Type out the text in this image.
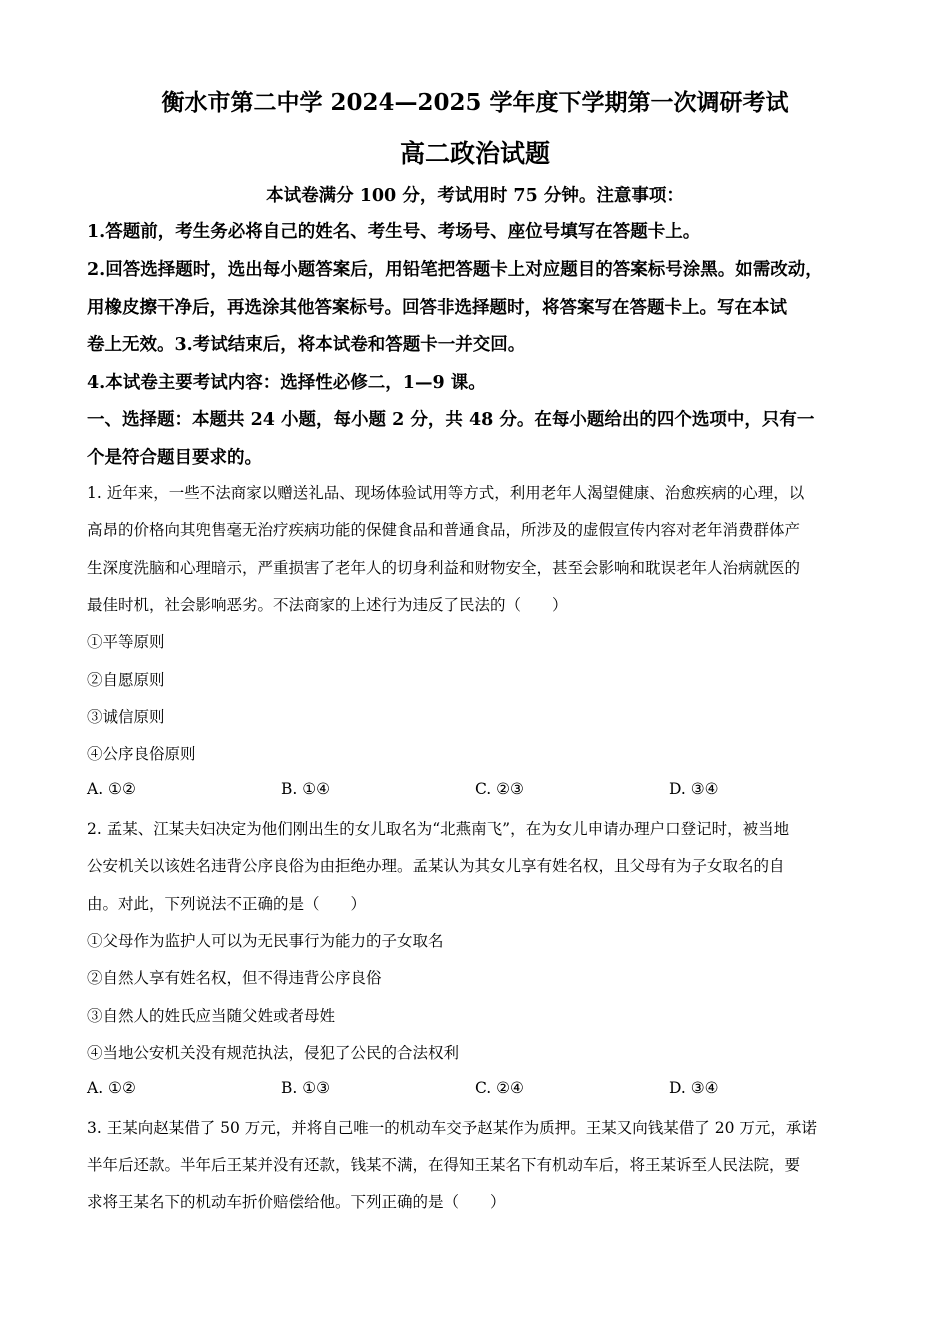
衡水市第二中学 2024—2025 学年度下学期第一次调研考试
高二政治试题
本试卷满分 100 分，考试用时 75 分钟。注意事项：
1.答题前，考生务必将自己的姓名、考生号、考场号、座位号填写在答题卡上。
2.回答选择题时，选出每小题答案后，用铅笔把答题卡上对应题目的答案标号涂黑。如需改动，
用橡皮擦干净后，再选涂其他答案标号。回答非选择题时，将答案写在答题卡上。写在本试
卷上无效。3.考试结束后，将本试卷和答题卡一并交回。
4.本试卷主要考试内容：选择性必修二，1—9 课。
一、选择题：本题共 24 小题，每小题 2 分，共 48 分。在每小题给出的四个选项中，只有一
个是符合题目要求的。
1. 近年来，一些不法商家以赠送礼品、现场体验试用等方式，利用老年人渴望健康、治愈疾病的心理，以
高昂的价格向其兜售毫无治疗疾病功能的保健食品和普通食品，所涉及的虚假宣传内容对老年消费群体产
生深度洗脑和心理暗示，严重损害了老年人的切身利益和财物安全，甚至会影响和耽误老年人治病就医的
最佳时机，社会影响恶劣。不法商家的上述行为违反了民法的（　　）
①平等原则
②自愿原则
③诚信原则
④公序良俗原则
A. ①②	B. ①④	C. ②③	D. ③④
2. 孟某、江某夫妇决定为他们刚出生的女儿取名为“北燕南飞”，在为女儿申请办理户口登记时，被当地
公安机关以该姓名违背公序良俗为由拒绝办理。孟某认为其女儿享有姓名权，且父母有为子女取名的自
由。对此，下列说法不正确的是（　　）
①父母作为监护人可以为无民事行为能力的子女取名
②自然人享有姓名权，但不得违背公序良俗
③自然人的姓氏应当随父姓或者母姓
④当地公安机关没有规范执法，侵犯了公民的合法权利
A. ①②	B. ①③	C. ②④	D. ③④
3. 王某向赵某借了 50 万元，并将自己唯一的机动车交予赵某作为质押。王某又向钱某借了 20 万元，承诺
半年后还款。半年后王某并没有还款，钱某不满，在得知王某名下有机动车后，将王某诉至人民法院，要
求将王某名下的机动车折价赔偿给他。下列正确的是（　　）
